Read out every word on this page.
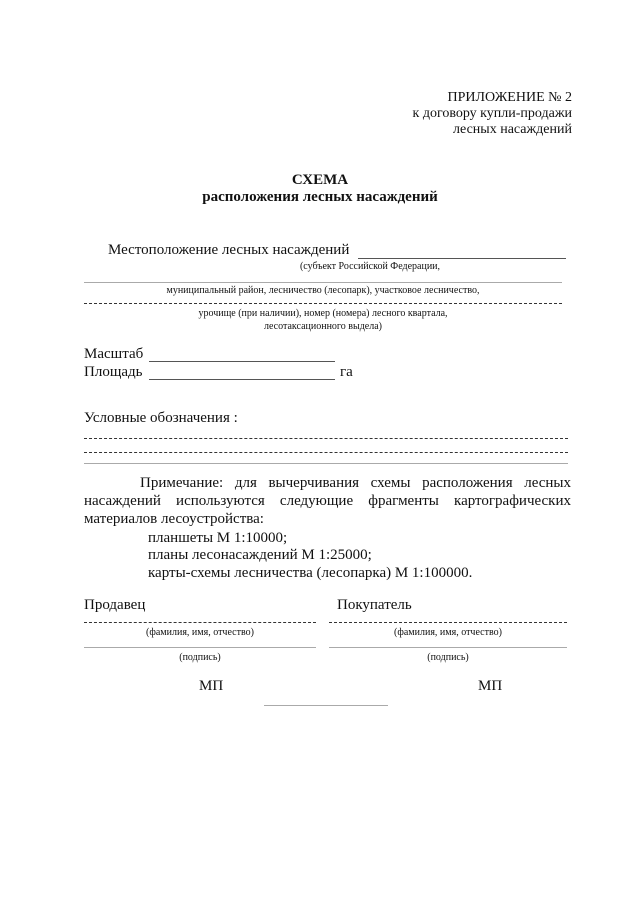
ПРИЛОЖЕНИЕ № 2
к договору купли-продажи
лесных насаждений
СХЕМА
расположения лесных насаждений
Местоположение лесных насаждений
(субъект Российской Федерации,
муниципальный район, лесничество (лесопарк), участковое лесничество,
урочище (при наличии), номер (номера) лесного квартала,
лесотаксационного выдела)
Масштаб
Площадь	га
Условные обозначения :
Примечание: для вычерчивания схемы расположения лесных насаждений используются следующие фрагменты картографических материалов лесоустройства:
планшеты М 1:10000;
планы лесонасаждений М 1:25000;
карты-схемы лесничества (лесопарка) М 1:100000.
Продавец	Покупатель
(фамилия, имя, отчество)	(фамилия, имя, отчество)
(подпись)	(подпись)
МП	МП
